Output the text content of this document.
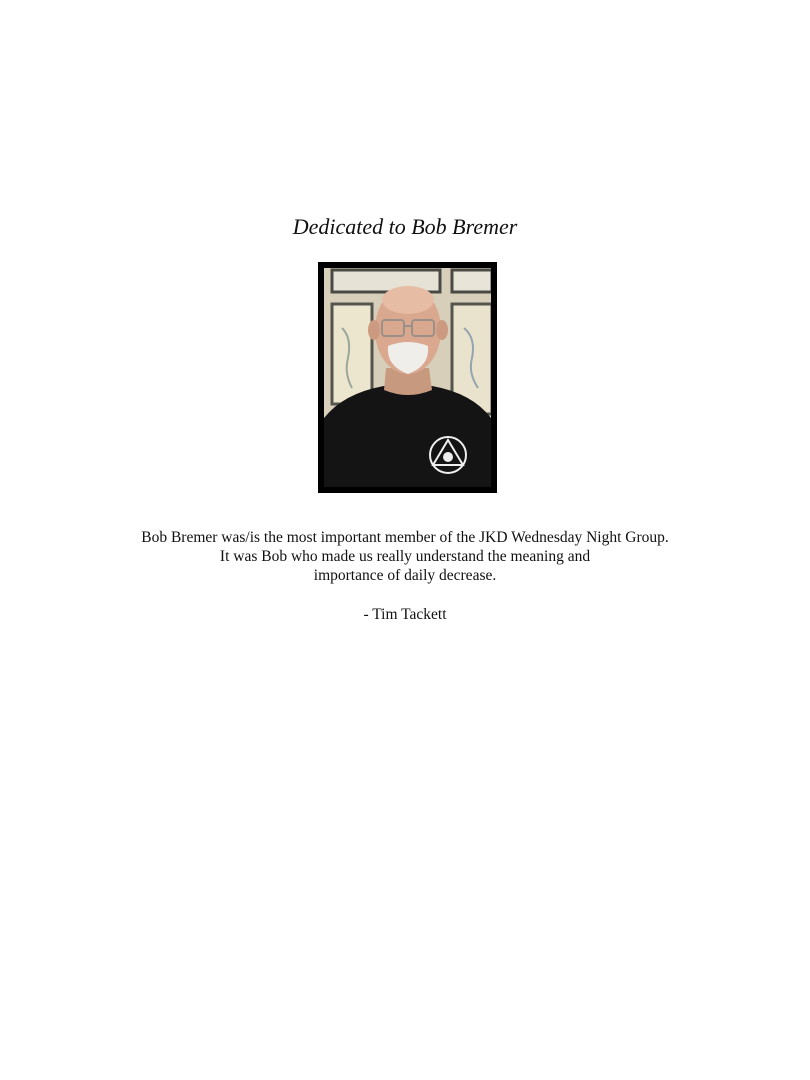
Dedicated to Bob Bremer
Bob Bremer was/is the most important member of the JKD Wednesday Night Group.
It was Bob who made us really understand the meaning and
importance of daily decrease.
- Tim Tackett
